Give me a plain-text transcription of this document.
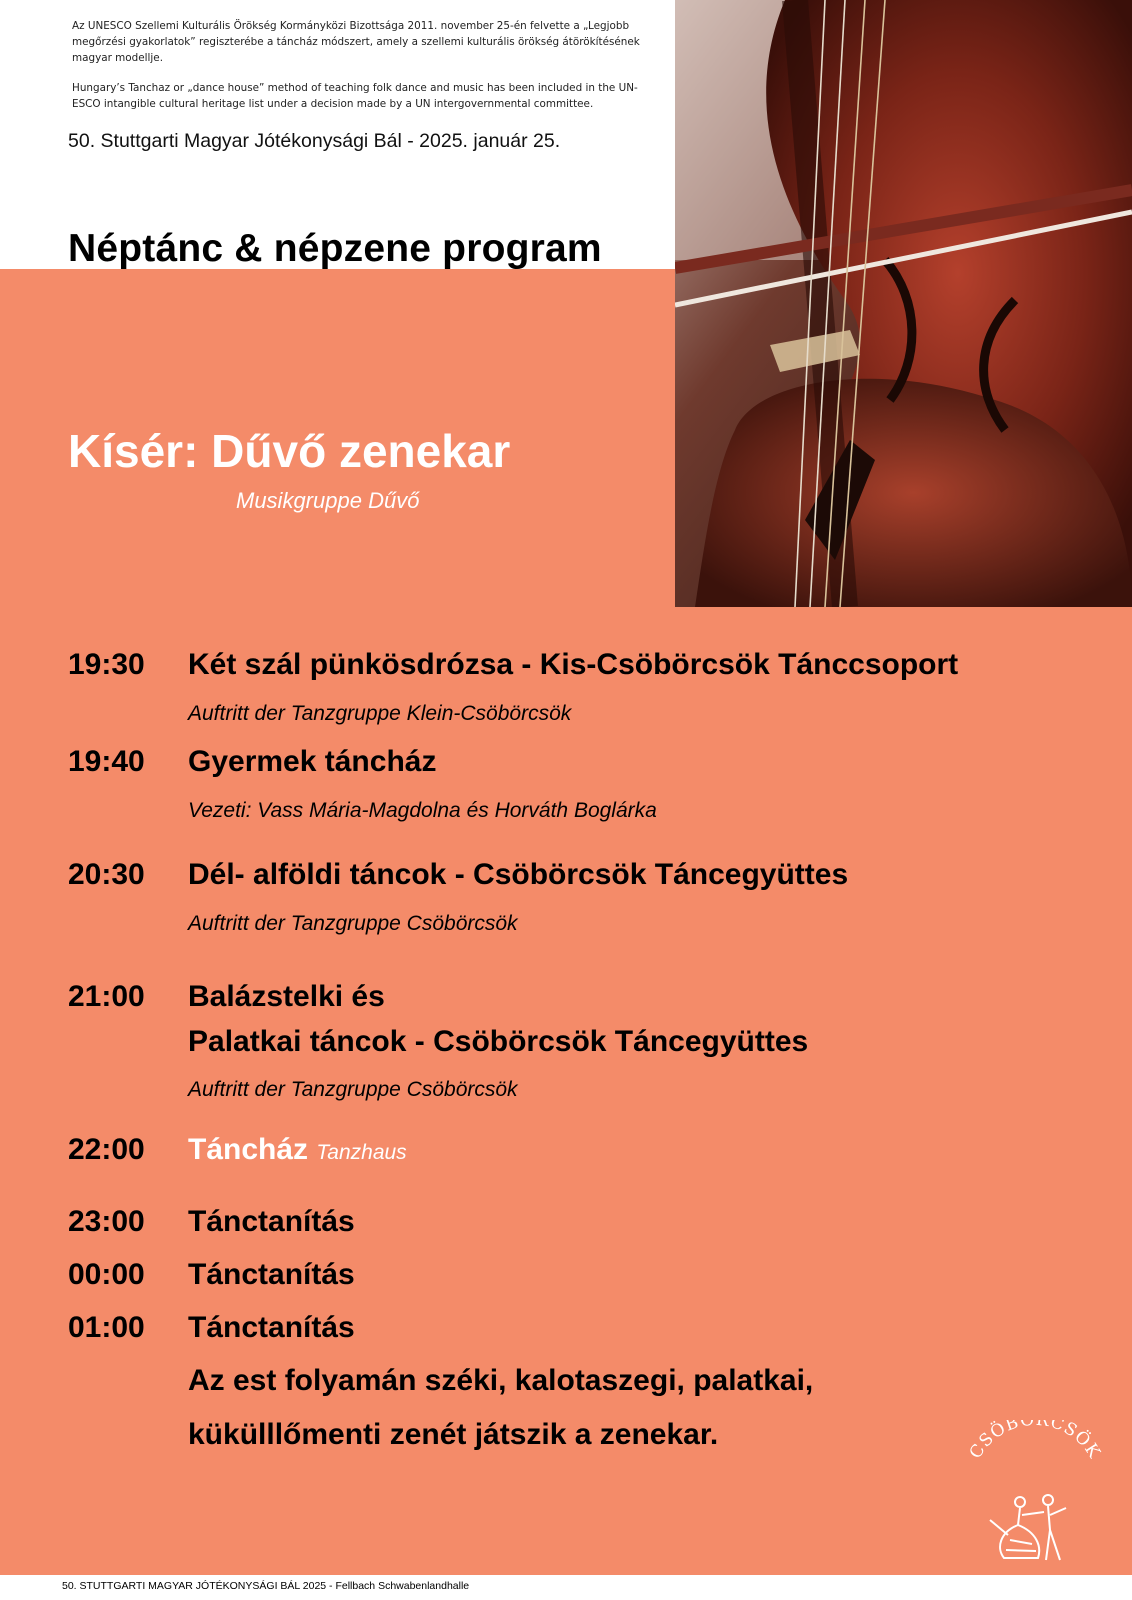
Az UNESCO Szellemi Kulturális Örökség Kormányközi Bizottsága 2011. november 25-én felvette a „Legjobb megőrzési gyakorlatok” regiszterébe a táncház módszert, amely a szellemi kulturális örökség átörökítésének magyar modellje.
Hungary’s Tanchaz or „dance house” method of teaching folk dance and music has been included in the UN-ESCO intangible cultural heritage list under a decision made by a UN intergovernmental committee.
50. Stuttgarti Magyar Jótékonysági Bál - 2025. január 25.
Néptánc & népzene program
Kísér: Dűvő zenekar
Musikgruppe Dűvő
19:30 Két szál pünkösdrózsa - Kis-Csöbörcsök Tánccsoport
Auftritt der Tanzgruppe Klein-Csöbörcsök
19:40 Gyermek táncház
Vezeti: Vass Mária-Magdolna és Horváth Boglárka
20:30 Dél- alföldi táncok - Csöbörcsök Táncegyüttes
Auftritt der Tanzgruppe Csöbörcsök
21:00 Balázstelki és
Palatkai táncok - Csöbörcsök Táncegyüttes
Auftritt der Tanzgruppe Csöbörcsök
22:00 Táncház Tanzhaus
23:00 Tánctanítás
00:00 Tánctanítás
01:00 Tánctanítás
Az est folyamán széki, kalotaszegi, palatkai,
kükülllőmenti zenét játszik a zenekar.
CSÖBÖRCSÖK
50. STUTTGARTI MAGYAR JÓTÉKONYSÁGI BÁL 2025 - Fellbach Schwabenlandhalle
